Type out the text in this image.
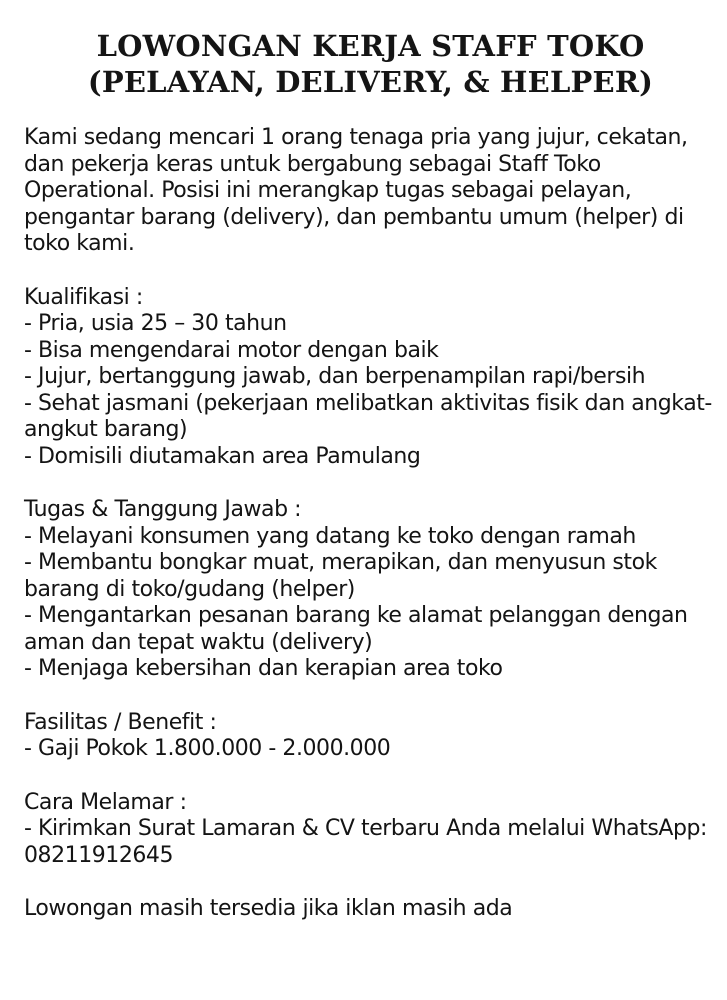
LOWONGAN KERJA STAFF TOKO
(PELAYAN, DELIVERY, & HELPER)
Kami sedang mencari 1 orang tenaga pria yang jujur, cekatan, dan pekerja keras untuk bergabung sebagai Staff Toko Operational. Posisi ini merangkap tugas sebagai pelayan, pengantar barang (delivery), dan pembantu umum (helper) di toko kami.
Kualifikasi :
- Pria, usia 25 – 30 tahun
- Bisa mengendarai motor dengan baik
- Jujur, bertanggung jawab, dan berpenampilan rapi/bersih
- Sehat jasmani (pekerjaan melibatkan aktivitas fisik dan angkat-angkut barang)
- Domisili diutamakan area Pamulang
Tugas & Tanggung Jawab :
- Melayani konsumen yang datang ke toko dengan ramah
- Membantu bongkar muat, merapikan, dan menyusun stok barang di toko/gudang (helper)
- Mengantarkan pesanan barang ke alamat pelanggan dengan aman dan tepat waktu (delivery)
- Menjaga kebersihan dan kerapian area toko
Fasilitas / Benefit :
- Gaji Pokok 1.800.000 - 2.000.000
Cara Melamar :
- Kirimkan Surat Lamaran & CV terbaru Anda melalui WhatsApp: 08211912645
Lowongan masih tersedia jika iklan masih ada
